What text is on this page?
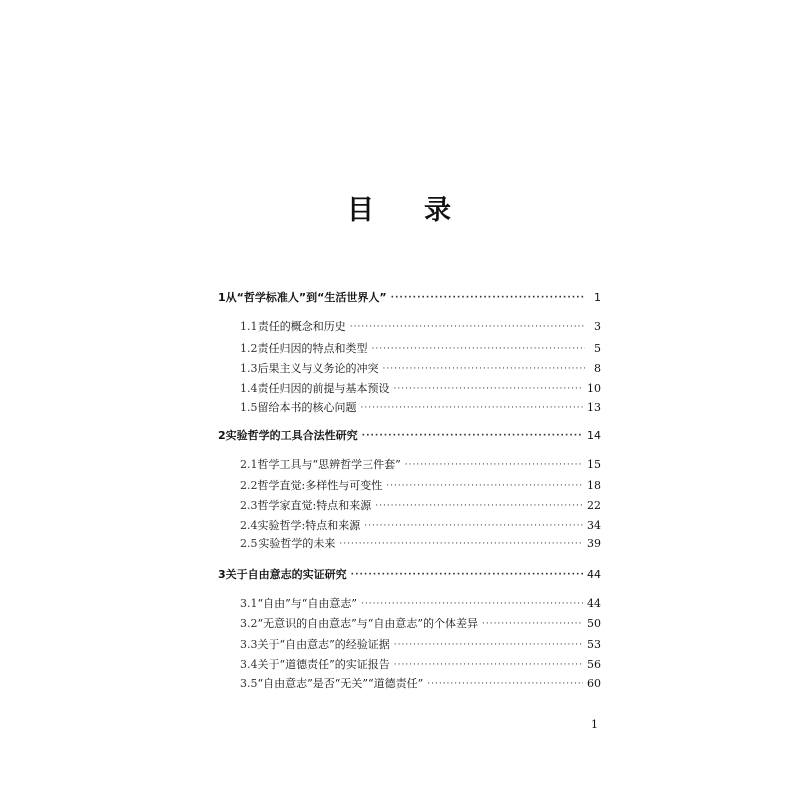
目 录
1 从“哲学标准人”到“生活世界人” ·····	1
1.1 责任的概念和历史 ·····	3
1.2 责任归因的特点和类型 ·····	5
1.3 后果主义与义务论的冲突 ·····	8
1.4 责任归因的前提与基本预设 ·····	10
1.5 留给本书的核心问题 ·····	13
2 实验哲学的工具合法性研究 ·····	14
2.1 哲学工具与“思辨哲学三件套” ·····	15
2.2 哲学直觉:多样性与可变性 ·····	18
2.3 哲学家直觉:特点和来源 ·····	22
2.4 实验哲学:特点和来源 ·····	34
2.5 实验哲学的未来 ·····	39
3 关于自由意志的实证研究 ·····	44
3.1 “自由”与“自由意志” ·····	44
3.2 “无意识的自由意志”与“自由意志”的个体差异 ·····	50
3.3 关于“自由意志”的经验证据 ·····	53
3.4 关于“道德责任”的实证报告 ·····	56
3.5 “自由意志”是否“无关”“道德责任” ·····	60
1
